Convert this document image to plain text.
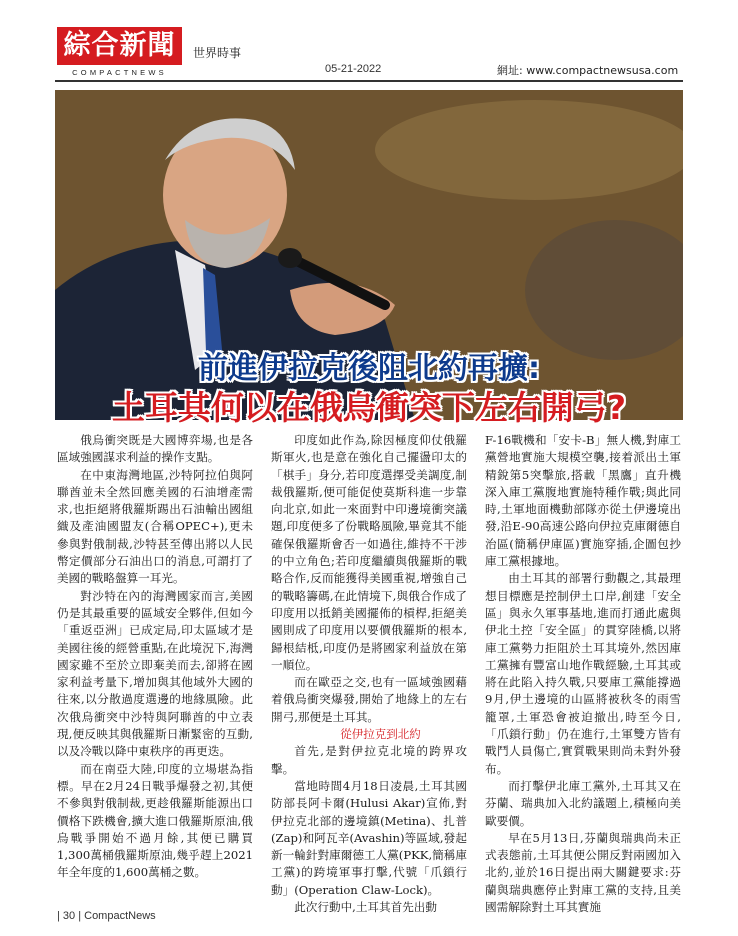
綜合新聞
COMPACTNEWS
世界時事
05-21-2022	網址: www.compactnewsusa.com
前進伊拉克後阻北約再擴:
土耳其何以在俄烏衝突下左右開弓?

俄烏衝突既是大國博弈場,也是各區域強國謀求利益的操作支點。

在中東海灣地區,沙特阿拉伯與阿聯酋並未全然回應美國的石油增產需求,也拒絕將俄羅斯踢出石油輸出國組織及產油國盟友(合稱OPEC+),更未參與對俄制裁,沙特甚至傳出將以人民幣定價部分石油出口的消息,可謂打了美國的戰略盤算一耳光。

對沙特在內的海灣國家而言,美國仍是其最重要的區域安全夥伴,但如今「重返亞洲」已成定局,印太區域才是美國往後的經營重點,在此境況下,海灣國家雖不至於立即棄美而去,卻將在國家利益考量下,增加與其他域外大國的往來,以分散過度選邊的地緣風險。此次俄烏衝突中沙特與阿聯酋的中立表現,便反映其與俄羅斯日漸緊密的互動,以及冷戰以降中東秩序的再更迭。

而在南亞大陸,印度的立場堪為指標。早在2月24日戰爭爆發之初,其便不參與對俄制裁,更趁俄羅斯能源出口價格下跌機會,擴大進口俄羅斯原油,俄烏戰爭開始不過月餘,其便已購買1,300萬桶俄羅斯原油,幾乎趕上2021年全年度的1,600萬桶之數。

印度如此作為,除因極度仰仗俄羅斯軍火,也是意在強化自己擺盪印太的「棋手」身分,若印度選擇受美調度,制裁俄羅斯,便可能促使莫斯科進一步靠向北京,如此一來面對中印邊境衝突議題,印度便多了份戰略風險,畢竟其不能確保俄羅斯會否一如過往,維持不干涉的中立角色;若印度繼續與俄羅斯的戰略合作,反而能獲得美國重視,增強自己的戰略籌碼,在此情境下,與俄合作成了印度用以抵銷美國擺佈的槓桿,拒絕美國則成了印度用以要價俄羅斯的根本,歸根結柢,印度仍是將國家利益放在第一順位。

而在歐亞之交,也有一區域強國藉着俄烏衝突爆發,開始了地緣上的左右開弓,那便是土耳其。

從伊拉克到北約

首先,是對伊拉克北境的跨界攻擊。

當地時間4月18日凌晨,土耳其國防部長阿卡爾(Hulusi Akar)宣佈,對伊拉克北部的邊境鎮(Metina)、扎普(Zap)和阿瓦辛(Avashin)等區域,發起新一輪針對庫爾德工人黨(PKK,簡稱庫工黨)的跨境軍事打擊,代號「爪鎖行動」(Operation Claw-Lock)。

此次行動中,土耳其首先出動

F-16戰機和「安卡-B」無人機,對庫工黨營地實施大規模空襲,接着派出土軍精銳第5突擊旅,搭載「黑鷹」直升機深入庫工黨腹地實施特種作戰;與此同時,土軍地面機動部隊亦從土伊邊境出發,沿E-90高速公路向伊拉克庫爾德自治區(簡稱伊庫區)實施穿插,企圖包抄庫工黨根據地。

由土耳其的部署行動觀之,其最理想目標應是控制伊土口岸,創建「安全區」與永久軍事基地,進而打通此處與伊北土控「安全區」的貫穿陸橋,以將庫工黨勢力拒阻於土耳其境外,然因庫工黨擁有豐富山地作戰經驗,土耳其或將在此陷入持久戰,只要庫工黨能撐過9月,伊土邊境的山區將被秋冬的雨雪籠罩,土軍恐會被迫撤出,時至今日,「爪鎖行動」仍在進行,土軍雙方皆有戰鬥人員傷亡,實質戰果則尚未對外發布。

而打擊伊北庫工黨外,土耳其又在芬蘭、瑞典加入北約議題上,積極向美歐要價。

早在5月13日,芬蘭與瑞典尚未正式表態前,土耳其便公開反對兩國加入北約,並於16日提出兩大關鍵要求:芬蘭與瑞典應停止對庫工黨的支持,且美國需解除對土耳其實施

| 30 | CompactNews
